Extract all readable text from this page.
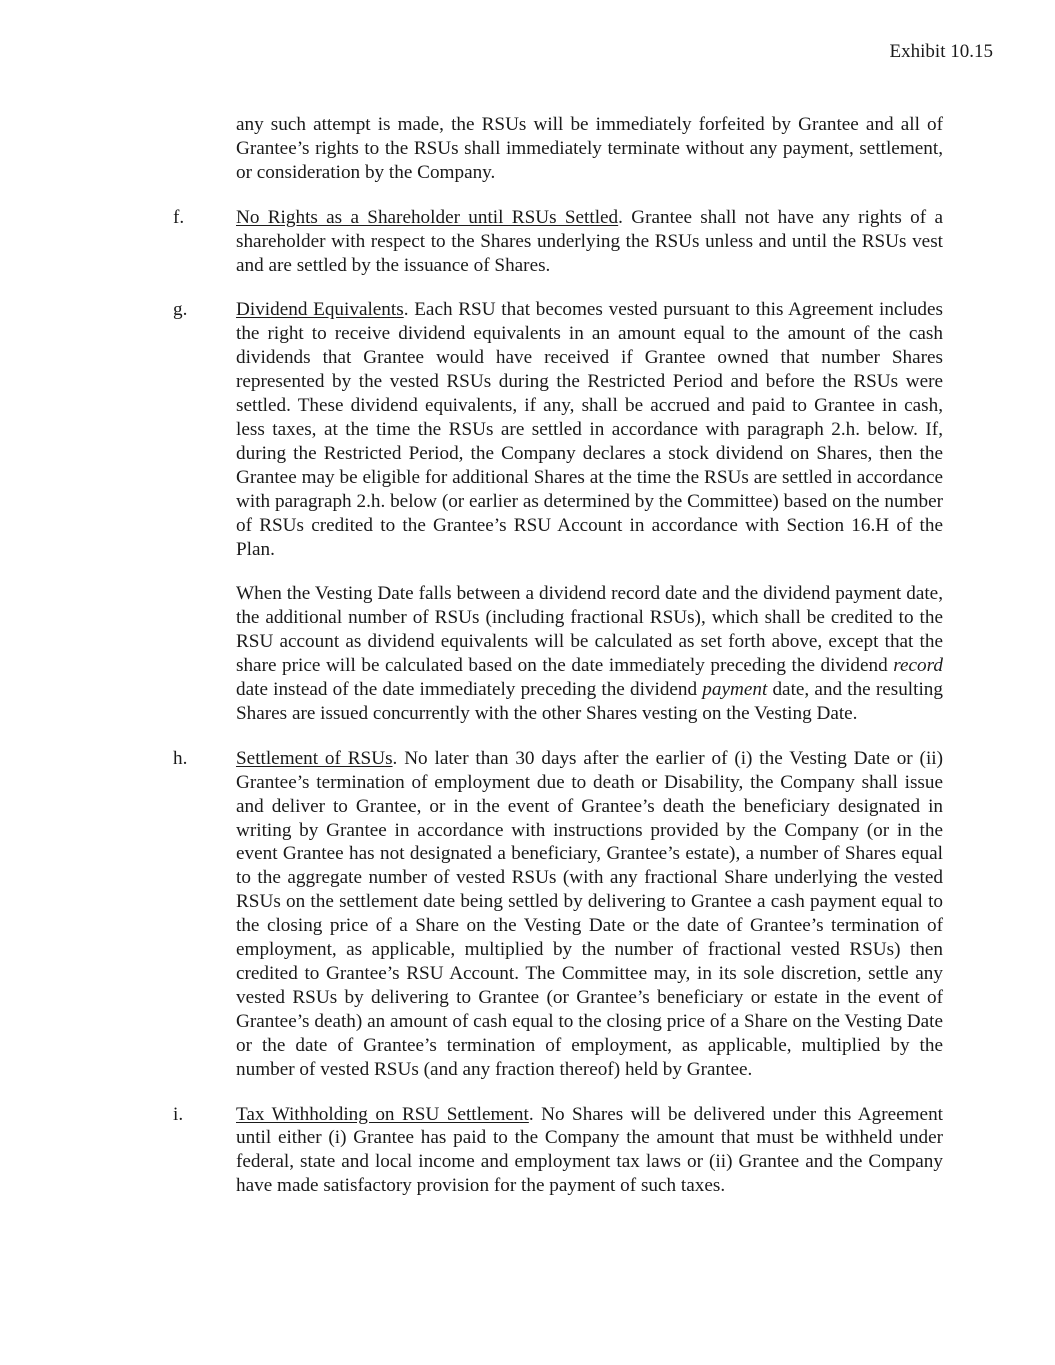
Exhibit 10.15
any such attempt is made, the RSUs will be immediately forfeited by Grantee and all of Grantee’s rights to the RSUs shall immediately terminate without any payment, settlement, or consideration by the Company.
f.	No Rights as a Shareholder until RSUs Settled. Grantee shall not have any rights of a shareholder with respect to the Shares underlying the RSUs unless and until the RSUs vest and are settled by the issuance of Shares.
g.	Dividend Equivalents. Each RSU that becomes vested pursuant to this Agreement includes the right to receive dividend equivalents in an amount equal to the amount of the cash dividends that Grantee would have received if Grantee owned that number Shares represented by the vested RSUs during the Restricted Period and before the RSUs were settled. These dividend equivalents, if any, shall be accrued and paid to Grantee in cash, less taxes, at the time the RSUs are settled in accordance with paragraph 2.h. below. If, during the Restricted Period, the Company declares a stock dividend on Shares, then the Grantee may be eligible for additional Shares at the time the RSUs are settled in accordance with paragraph 2.h. below (or earlier as determined by the Committee) based on the number of RSUs credited to the Grantee’s RSU Account in accordance with Section 16.H of the Plan.
When the Vesting Date falls between a dividend record date and the dividend payment date, the additional number of RSUs (including fractional RSUs), which shall be credited to the RSU account as dividend equivalents will be calculated as set forth above, except that the share price will be calculated based on the date immediately preceding the dividend record date instead of the date immediately preceding the dividend payment date, and the resulting Shares are issued concurrently with the other Shares vesting on the Vesting Date.
h.	Settlement of RSUs. No later than 30 days after the earlier of (i) the Vesting Date or (ii) Grantee’s termination of employment due to death or Disability, the Company shall issue and deliver to Grantee, or in the event of Grantee’s death the beneficiary designated in writing by Grantee in accordance with instructions provided by the Company (or in the event Grantee has not designated a beneficiary, Grantee’s estate), a number of Shares equal to the aggregate number of vested RSUs (with any fractional Share underlying the vested RSUs on the settlement date being settled by delivering to Grantee a cash payment equal to the closing price of a Share on the Vesting Date or the date of Grantee’s termination of employment, as applicable, multiplied by the number of fractional vested RSUs) then credited to Grantee’s RSU Account. The Committee may, in its sole discretion, settle any vested RSUs by delivering to Grantee (or Grantee’s beneficiary or estate in the event of Grantee’s death) an amount of cash equal to the closing price of a Share on the Vesting Date or the date of Grantee’s termination of employment, as applicable, multiplied by the number of vested RSUs (and any fraction thereof) held by Grantee.
i.	Tax Withholding on RSU Settlement. No Shares will be delivered under this Agreement until either (i) Grantee has paid to the Company the amount that must be withheld under federal, state and local income and employment tax laws or (ii) Grantee and the Company have made satisfactory provision for the payment of such taxes.
